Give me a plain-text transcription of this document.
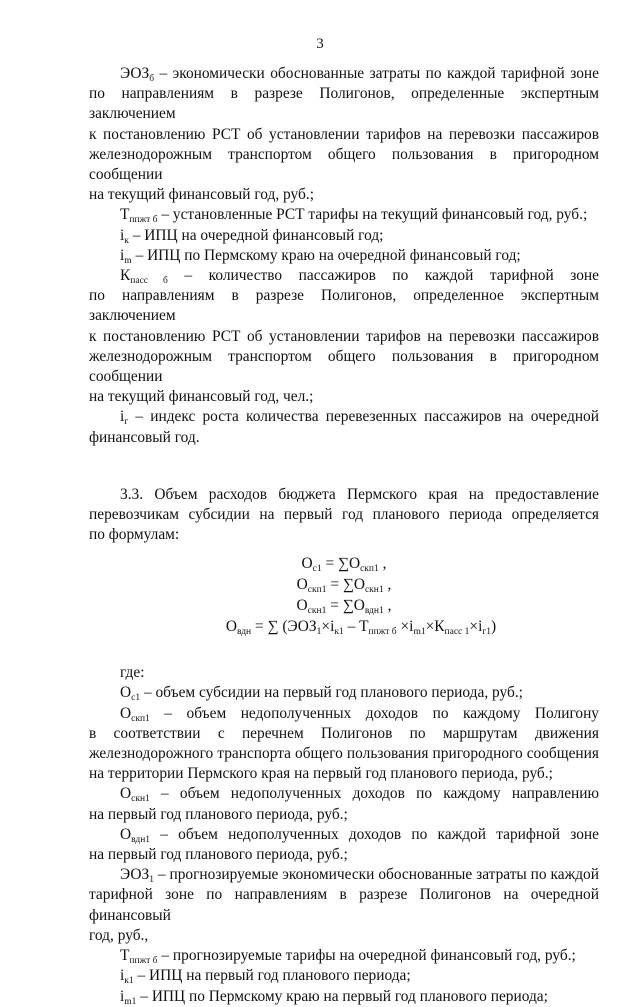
3

$ЭОЗ_б$ – экономически обоснованные затраты по каждой тарифной зоне

по направлениям в разрезе Полигонов, определенные экспертным заключением

к постановлению РСТ об установлении тарифов на перевозки пассажиров

железнодорожным транспортом общего пользования в пригородном сообщении

на текущий финансовый год, руб.;

$Т_{ппжт б}$ – установленные РСТ тарифы на текущий финансовый год, руб.;

$i_к$ – ИПЦ на очередной финансовый год;

$i_m$ – ИПЦ по Пермскому краю на очередной финансовый год;

$К_{пасс б}$ – количество пассажиров по каждой тарифной зоне

по направлениям в разрезе Полигонов, определенное экспертным заключением

к постановлению РСТ об установлении тарифов на перевозки пассажиров

железнодорожным транспортом общего пользования в пригородном сообщении

на текущий финансовый год, чел.;

$i_г$ – индекс роста количества перевезенных пассажиров на очередной

финансовый год.

3.3. Объем расходов бюджета Пермского края на предоставление

перевозчикам субсидии на первый год планового периода определяется

по формулам:

$О_{с1} = \sum О_{скп1}$ ,

$О_{скп1} = \sum О_{скн1}$ ,

$О_{скн1} = \sum О_{вдн1}$ ,

$О_{вдн}$ = ∑ $(ЭОЗ_1\times i_{к1} - Т_{ппжт б} \times i_{m1}\times К_{пасс 1}\times i_{г1})$

где:

$О_{с1}$ – объем субсидии на первый год планового периода, руб.;

$О_{скп1}$ – объем недополученных доходов по каждому Полигону

в соответствии с перечнем Полигонов по маршрутам движения

железнодорожного транспорта общего пользования пригородного сообщения

на территории Пермского края на первый год планового периода, руб.;

$О_{скн1}$ – объем недополученных доходов по каждому направлению

на первый год планового периода, руб.;

$О_{вдн1}$ – объем недополученных доходов по каждой тарифной зоне

на первый год планового периода, руб.;

$ЭОЗ_1$ – прогнозируемые экономически обоснованные затраты по каждой

тарифной зоне по направлениям в разрезе Полигонов на очередной финансовый

год, руб.,

$Т_{ппжт б}$ – прогнозируемые тарифы на очередной финансовый год, руб.;

$i_{к1}$ – ИПЦ на первый год планового периода;

$i_{m1}$ – ИПЦ по Пермскому краю на первый год планового периода;
